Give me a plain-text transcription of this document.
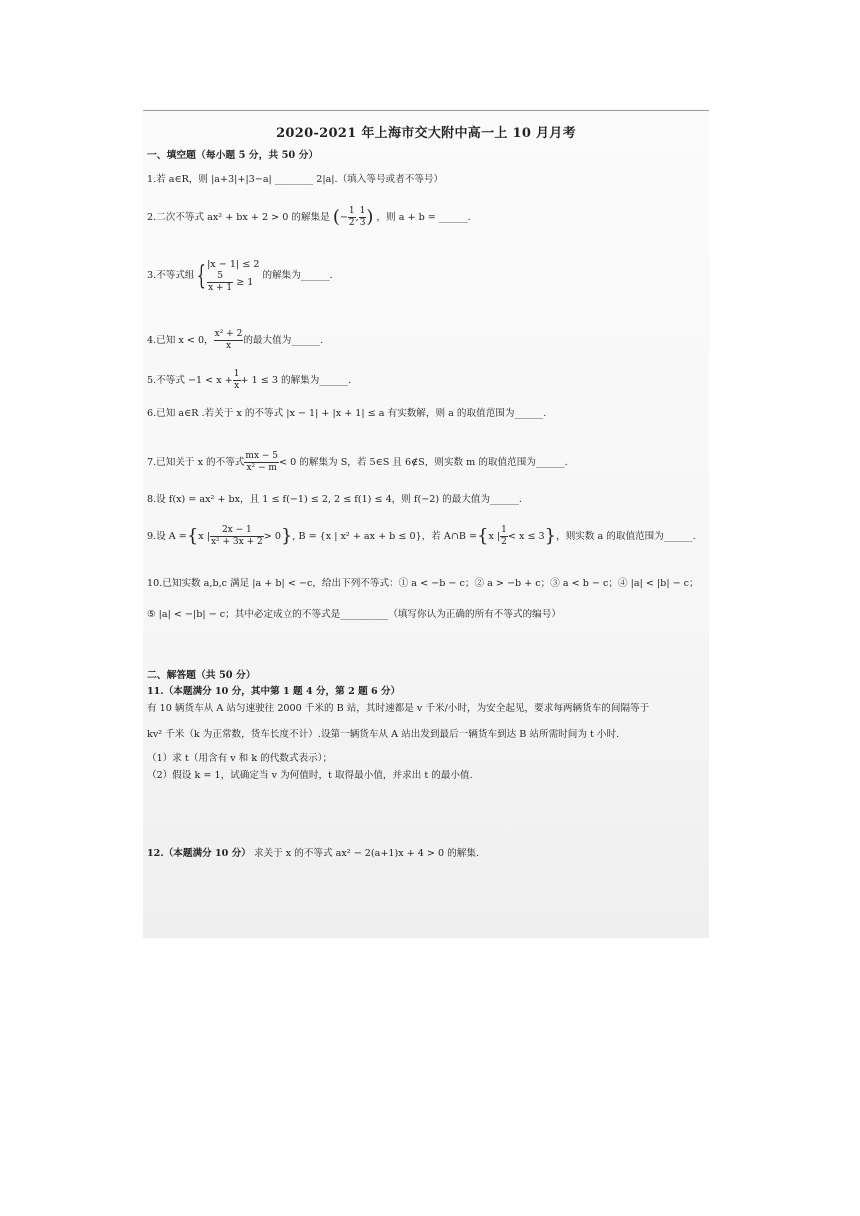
2020-2021 年上海市交大附中高一上 10 月月考
一、填空题（每小题 5 分，共 50 分）
1.若 a∈R，则 |a+3|+|3−a| ________ 2|a|.（填入等号或者不等号）
2.二次不等式 ax² + bx + 2 > 0 的解集是 (− $\frac{1}{2}$ , $\frac{1}{3}$ ) ，则 a + b = ______.
3.不等式组{ |x − 1| ≤ 2
$\frac{5}{x + 1} \ge 1$
的解集为______.
4.已知 x < 0， $\frac{\text{x² + 2}}{x}$ 的最大值为______.
5.不等式 $-1 < x + \frac{1}{x} + 1 \le 3$ 的解集为______.
6.已知 a∈R .若关于 x 的不等式 |x − 1| + |x + 1| ≤ a 有实数解，则 a 的取值范围为______.
7.已知关于 x 的不等式 $\frac{mx - 5}{\text{x² − m}} < 0$ 的解集为 S，若 5∈S 且 6∉S，则实数 m 的取值范围为______.
8.设 f(x) = ax² + bx，且 1 ≤ f(−1) ≤ 2, 2 ≤ f(1) ≤ 4，则 f(−2) 的最大值为______.
9.设 A ={x | $\frac{2x - 1}{\text{x² + 3x + 2}} > 0$}, B = {x | x² + ax + b ≤ 0}，若 A∩B ={x | $\frac{1}{2} < x \le 3$}，则实数 a 的取值范围为______.
10.已知实数 a,b,c 满足 |a + b| < −c，给出下列不等式：① a < −b − c；② a > −b + c；③ a < b − c；④ |a| < |b| − c；
⑤ |a| < −|b| − c；其中必定成立的不等式是__________（填写你认为正确的所有不等式的编号）
二、解答题（共 50 分）
11.（本题满分 10 分，其中第 1 题 4 分，第 2 题 6 分）
有 10 辆货车从 A 站匀速驶往 2000 千米的 B 站，其时速都是 v 千米/小时，为安全起见，要求每两辆货车的间隔等于
kv² 千米（k 为正常数，货车长度不计）.设第一辆货车从 A 站出发到最后一辆货车到达 B 站所需时间为 t 小时.
（1）求 t（用含有 v 和 k 的代数式表示）；
（2）假设 k = 1，试确定当 v 为何值时，t 取得最小值，并求出 t 的最小值.
12.（本题满分 10 分） 求关于 x 的不等式 ax² − 2(a+1)x + 4 > 0 的解集.
